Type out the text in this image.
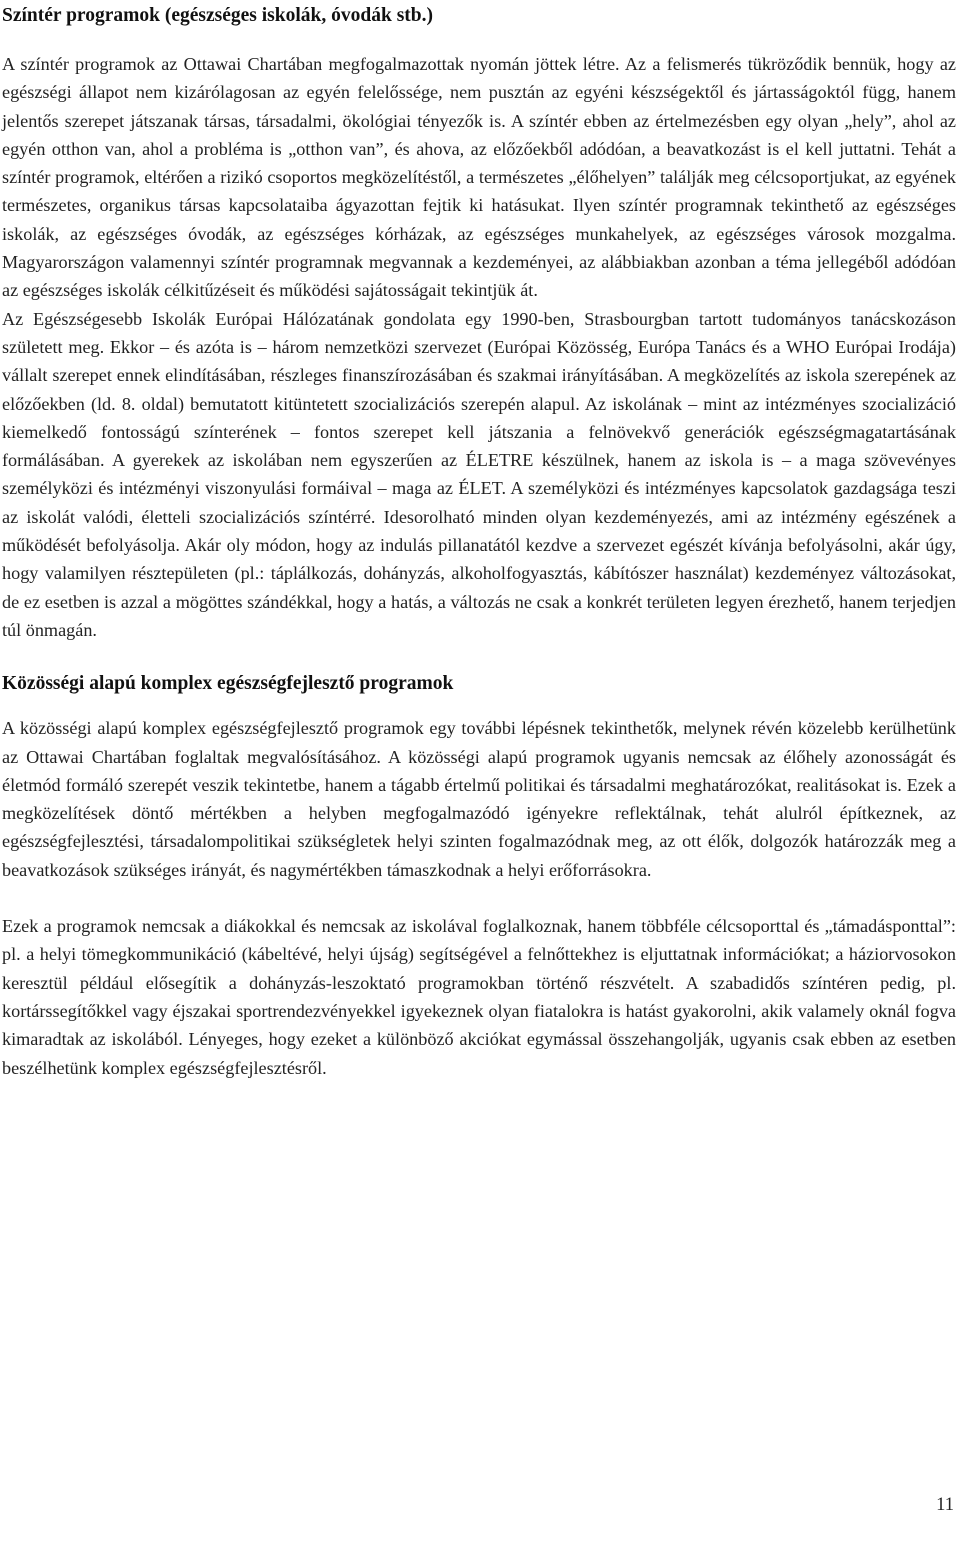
Színtér programok (egészséges iskolák, óvodák stb.)

A színtér programok az Ottawai Chartában megfogalmazottak nyomán jöttek létre. Az a felismerés tükröződik bennük, hogy az egészségi állapot nem kizárólagosan az egyén felelőssége, nem pusztán az egyéni készségektől és jártasságoktól függ, hanem jelentős szerepet játszanak társas, társadalmi, ökológiai tényezők is. A színtér ebben az értelmezésben egy olyan „hely”, ahol az egyén otthon van, ahol a probléma is „otthon van”, és ahova, az előzőekből adódóan, a beavatkozást is el kell juttatni. Tehát a színtér programok, eltérően a rizikó csoportos megközelítéstől, a természetes „élőhelyen” találják meg célcsoportjukat, az egyének természetes, organikus társas kapcsolataiba ágyazottan fejtik ki hatásukat. Ilyen színtér programnak tekinthető az egészséges iskolák, az egészséges óvodák, az egészséges kórházak, az egészséges munkahelyek, az egészséges városok mozgalma. Magyarországon valamennyi színtér programnak megvannak a kezdeményei, az alábbiakban azonban a téma jellegéből adódóan az egészséges iskolák célkitűzéseit és működési sajátosságait tekintjük át.

Az Egészségesebb Iskolák Európai Hálózatának gondolata egy 1990-ben, Strasbourgban tartott tudományos tanácskozáson született meg. Ekkor – és azóta is – három nemzetközi szervezet (Európai Közösség, Európa Tanács és a WHO Európai Irodája) vállalt szerepet ennek elindításában, részleges finanszírozásában és szakmai irányításában. A megközelítés az iskola szerepének az előzőekben (ld. 8. oldal) bemutatott kitüntetett szocializációs szerepén alapul. Az iskolának – mint az intézményes szocializáció kiemelkedő fontosságú színterének – fontos szerepet kell játszania a felnövekvő generációk egészségmagatartásának formálásában. A gyerekek az iskolában nem egyszerűen az ÉLETRE készülnek, hanem az iskola is – a maga szövevényes személyközi és intézményi viszonyulási formáival – maga az ÉLET. A személyközi és intézményes kapcsolatok gazdagsága teszi az iskolát valódi, életteli szocializációs színtérré. Idesorolható minden olyan kezdeményezés, ami az intézmény egészének a működését befolyásolja. Akár oly módon, hogy az indulás pillanatától kezdve a szervezet egészét kívánja befolyásolni, akár úgy, hogy valamilyen résztерületen (pl.: táplálkozás, dohányzás, alkoholfogyasztás, kábítószer használat) kezdeményez változásokat, de ez esetben is azzal a mögöttes szándékkal, hogy a hatás, a változás ne csak a konkrét területen legyen érezhető, hanem terjedjen túl önmagán.

Közösségi alapú komplex egészségfejlesztő programok

A közösségi alapú komplex egészségfejlesztő programok egy további lépésnek tekinthetők, melynek révén közelebb kerülhetünk az Ottawai Chartában foglaltak megvalósításához. A közösségi alapú programok ugyanis nemcsak az élőhely azonosságát és életmód formáló szerepét veszik tekintetbe, hanem a tágabb értelmű politikai és társadalmi meghatározókat, realitásokat is. Ezek a megközelítések döntő mértékben a helyben megfogalmazódó igényekre reflektálnak, tehát alulról építkeznek, az egészségfejlesztési, társadalompolitikai szükségletek helyi szinten fogalmazódnak meg, az ott élők, dolgozók határozzák meg a beavatkozások szükséges irányát, és nagymértékben támaszkodnak a helyi erőforrásokra.

Ezek a programok nemcsak a diákokkal és nemcsak az iskolával foglalkoznak, hanem többféle célcsoporttal és „támadásponttal”: pl. a helyi tömegkommunikáció (kábeltévé, helyi újság) segítségével a felnőttekhez is eljuttatnak információkat; a háziorvosokon keresztül például elősegítik a dohányzás-leszoktató programokban történő részvételt. A szabadidős színtéren pedig, pl. kortárssegítőkkel vagy éjszakai sportrendezvényekkel igyekeznek olyan fiatalokra is hatást gyakorolni, akik valamely oknál fogva kimaradtak az iskolából. Lényeges, hogy ezeket a különböző akciókat egymással összehangolják, ugyanis csak ebben az esetben beszélhetünk komplex egészségfejlesztésről.

11
